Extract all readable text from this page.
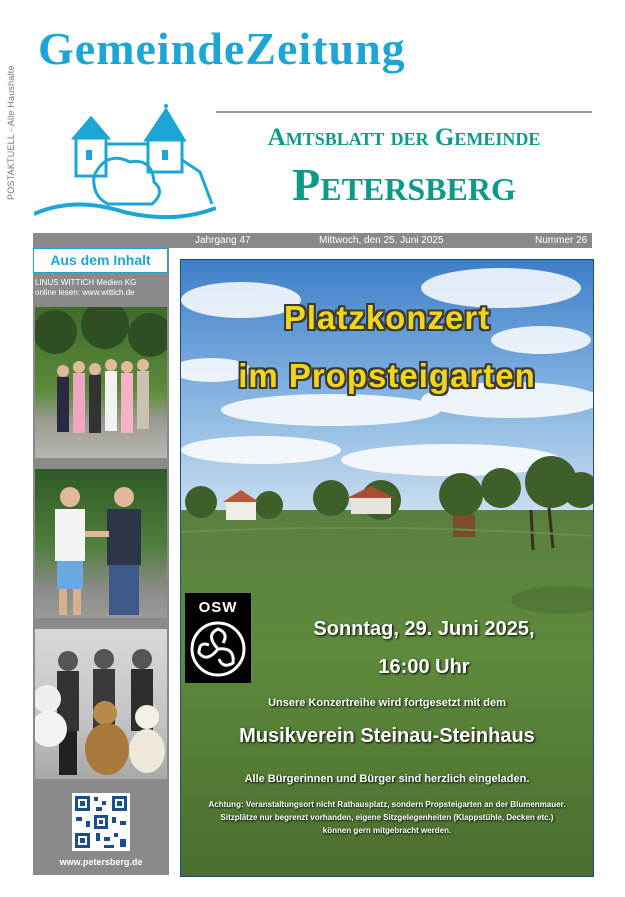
POSTAKTUELL - Alle Haushalte
GemeindeZeitung
Amtsblatt der Gemeinde
Petersberg
Jahrgang 47	Mittwoch, den 25. Juni 2025	Nummer 26
Aus dem Inhalt
LINUS WITTICH Medien KG
online lesen: www.wittich.de
www.petersberg.de
Platzkonzert
im Propsteigarten
OSW
Sonntag, 29. Juni 2025,
16:00 Uhr
Unsere Konzertreihe wird fortgesetzt mit dem
Musikverein Steinau-Steinhaus
Alle Bürgerinnen und Bürger sind herzlich eingeladen.
Achtung: Veranstaltungsort nicht Rathausplatz, sondern Propsteigarten an der Blumenmauer.
Sitzplätze nur begrenzt vorhanden, eigene Sitzgelegenheiten (Klappstühle, Decken etc.)
können gern mitgebracht werden.
